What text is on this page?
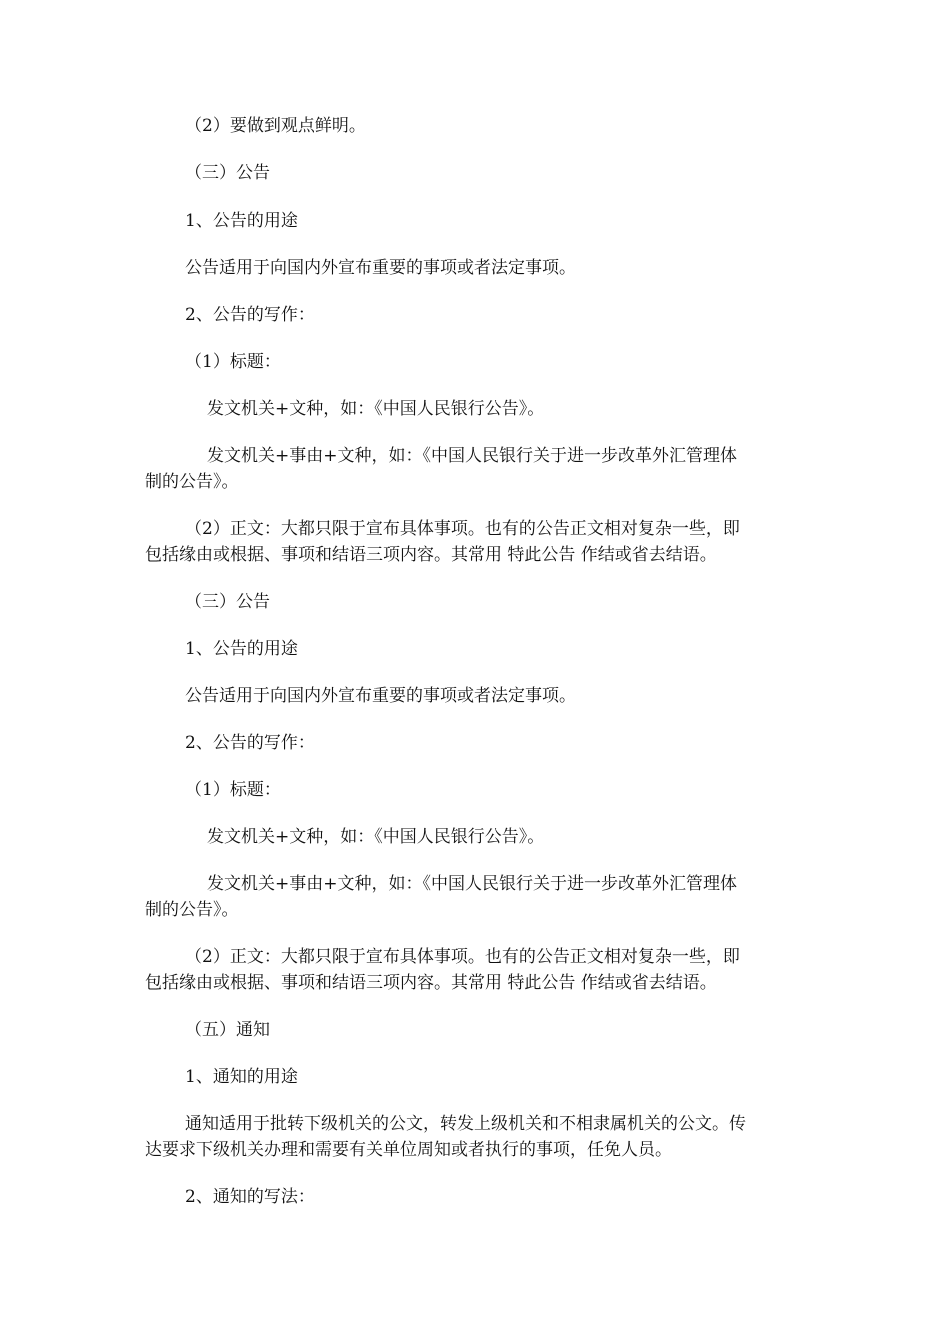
（2）要做到观点鲜明。

（三）公告

1、公告的用途

公告适用于向国内外宣布重要的事项或者法定事项。

2、公告的写作：

（1）标题：

发文机关+文种，如：《中国人民银行公告》。

发文机关+事由+文种，如：《中国人民银行关于进一步改革外汇管理体

制的公告》。

（2）正文：大都只限于宣布具体事项。也有的公告正文相对复杂一些，即

包括缘由或根据、事项和结语三项内容。其常用 特此公告 作结或省去结语。

（三）公告

1、公告的用途

公告适用于向国内外宣布重要的事项或者法定事项。

2、公告的写作：

（1）标题：

发文机关+文种，如：《中国人民银行公告》。

发文机关+事由+文种，如：《中国人民银行关于进一步改革外汇管理体

制的公告》。

（2）正文：大都只限于宣布具体事项。也有的公告正文相对复杂一些，即

包括缘由或根据、事项和结语三项内容。其常用 特此公告 作结或省去结语。

（五）通知

1、通知的用途

通知适用于批转下级机关的公文，转发上级机关和不相隶属机关的公文。传

达要求下级机关办理和需要有关单位周知或者执行的事项，任免人员。

2、通知的写法：
